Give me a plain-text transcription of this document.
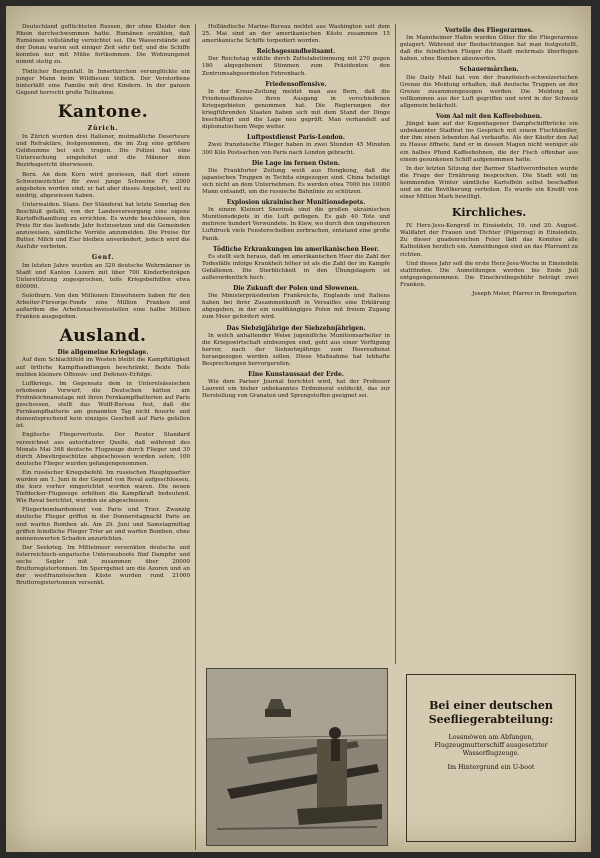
Deutschland geflüchteten Russen, der ohne Kleider den Rhein durchschwommen hatte. Rumänen erzählen, daß Rumänien vollständig vernichtet sei. Die Wasserstände auf der Donau waren seit einiger Zeit sehr tief, und die Schiffe konnten nur mit Mühe fortkommen. Die Wohnungsnot nimmt stetig zu.

Tödlicher Bergunfall. In Innertkirchen verunglückte ein junger Mann beim Wildheuen tödlich. Der Verstorbene hinterläßt eine Familie mit drei Kindern. In der ganzen Gegend herrscht große Teilnahme.

Kantone.
Zürich.

In Zürich wurden drei Italiener, mutmaßliche Deserteure und Refraktäre, festgenommen, die im Zug eine größere Geldsumme bei sich trugen. Die Polizei hat eine Untersuchung eingeleitet und die Männer dem Bezirksgericht überwiesen.

Bern. An dem Korn wird gewiesen, daß dort einem Schweinezüchter für zwei junge Schweine Fr. 2000 angeboten worden sind; er hat aber dieses Angebot, weil zu niedrig, abgewiesen haben.

Unterwalden. Stans. Der Ständerat hat letzte Sonntag den Beschluß gefaßt, von der Landesversorgung eine eigene Kartoffelhandlung zu errichten. Es wurde beschlossen, den Preis für das laufende Jahr festzusetzen und die Gemeinden anzuweisen, sämtliche Vorräte anzumelden. Die Preise für Butter, Milch und Eier bleiben unverändert, jedoch wird die Ausfuhr verboten.

Genf.

Im letzten Jahre wurden an 320 deutsche Wehrmänner in Stadt und Kanton Luzern mit über 700 Kinderbeiträgen Unterstützung zugesprochen, teils Kriegsbeihilfen etwa 600000.

Solothurn. Von den Millionen Einwohnern haben für den Arbeiter-Fürsorge-Fonds eine Million Franken und außerdem die Arbeitsnachweisstellen eine halbe Million Franken ausgegeben.

Ausland.
Die allgemeine Kriegslage.

Auf dem Schlachtfeld im Westen bleibt die Kampftätigkeit auf örtliche Kampfhandlungen beschränkt. Beide Teile melden kleinere Offensiv- und Defensiv-Erfolge.

Luftkriegs. Im Gegensatz dem in Unterelsässischen erhobenen Vorwurf, die Deutschen hätten am Frohnleichnamstage mit ihren Fernkampfbatterien auf Paris geschossen, stellt das Wolff-Bureau fest, daß die Fernkampfbatterie am genannten Tag nicht feuerte und dementsprechend kein einziges Geschoß auf Paris gefallen ist.

Englische Fliegerverluste. Der Reuter Standard verzeichnet aus autoritativer Quelle, daß während des Monats Mai 368 deutsche Flugzeuge durch Flieger und 30 durch Abwehrgeschütze abgeschossen worden seien; 100 deutsche Flieger wurden gefangengenommen.

Ein russischer Kriegsbefehl. Im russischen Hauptquartier wurden am 1. Juni in der Gegend von Reval aufgeschlossen, die kurz vorher eingerichtet worden waren. Die neuen Tiefdecker-Flugzeuge erhöhen die Kampfkraft bedeutend. Wie Reval berichtet, wurden sie abgeschossen.

Fliegerbombardement von Paris und Trier. Zwanzig deutsche Flieger griffen in der Donnerstagnacht Paris an und warfen Bomben ab. Am 29. Juni und Samstagmittag griffen feindliche Flieger Trier an und warfen Bomben, ohne nennenswerten Schaden anzurichten.

Der Seekrieg. Im Mittelmeer versenkten deutsche und österreichisch-ungarische Unterseeboote fünf Dampfer und sechs Segler mit zusammen über 20000 Bruttoregistertonnen. Im Sperrgebiet um die Azoren und an der westfranzösischen Küste wurden rund 21000 Bruttoregistertonnen versenkt.

Holländische Marine-Bureau meldet aus Washington seit dem 25. Mai sind an der amerikanischen Küste zusammen 15 amerikanische Schiffe torpediert worden.

Reichsgesundheitsamt.

Der Reichstag wählte durch Zettelabstimmung mit 270 gegen 180 abgegebenen Stimmen zum Präsidenten den Zentrumsabgeordneten Fehrenbach.

Friedensoffensive.

In der Kreuz-Zeitung meldet man aus Bern, daß die Friedensoffensive ihren Ausgang in verschiedenen Kriegsgebieten genommen hat. Die Regierungen der kriegführenden Staaten haben sich mit dem Stand der Dinge beschäftigt und die Lage neu geprüft. Man verhandelt auf diplomatischem Wege weiter.

Luftpostdienst Paris-London.

Zwei französische Flieger haben in zwei Stunden 45 Minuten 300 Kilo Postsachen von Paris nach London gebracht.

Die Lage im fernen Osten.

Die Frankfurter Zeitung weiß aus Hongkong, daß die japanischen Truppen in Tschita eingezogen sind. China beteiligt sich nicht an dem Unternehmen. Es werden etwa 7000 bis 10000 Mann entsandt, um die russische Bahnlinie zu schützen.

Explosion ukrainischer Munitionsdepots.

In einem Kleinort Snerinsk sind die großen ukrainischen Munitionsdepots in die Luft geflogen. Es gab 40 Tote und mehrere hundert Verwundete. In Kiew, wo durch den ungeheuren Luftdruck viele Fensterscheiben zerbrachen, entstand eine große Panik.

Tödliche Erkrankungen im amerikanischen Heer.

Es stellt sich heraus, daß im amerikanischen Heer die Zahl der Todesfälle infolge Krankheit höher ist als die Zahl der im Kampfe Gefallenen. Die Sterblichkeit in den Übungslagern ist außerordentlich hoch.

Die Zukunft der Polen und Slowenen.

Die Ministerpräsidenten Frankreichs, Englands und Italiens haben bei ihrer Zusammenkunft in Versailles eine Erklärung abgegeben, in der ein unabhängiges Polen mit freiem Zugang zum Meer gefordert wird.

Das Siebzigjährige der Siebzehnjährigen.

In welch anhaltender Weise jugendliche Munitionsarbeiter in die Kriegswirtschaft einbezogen sind, geht aus einer Verfügung hervor, nach der Siebzehnjährige zum Heeresdienst herangezogen werden sollen. Diese Maßnahme hat lebhafte Besprechungen hervorgerufen.

Eine Kunstaussaat der Erde.

Wie dem Pariser Journal berichtet wird, hat der Professor Laurent ein bisher unbekanntes Erdmineral entdeckt, das zur Herstellung von Granaten und Sprengstoffen geeignet sei.

Vorteile des Fliegerarmes.

Im Mannheimer Hafen wurden Güter für die Fliegerarmee gelagert. Während der Beobachtungen hat man festgestellt, daß die feindlichen Flieger die Stadt mehrmals überflogen haben, ohne Bomben abzuwerfen.

Schauermärchen.

Die Daily Mail hat von der französisch-schweizerischen Grenze die Meldung erhalten, daß deutsche Truppen an der Grenze zusammengezogen werden. Die Meldung ist vollkommen aus der Luft gegriffen und wird in der Schweiz allgemein belächelt.

Vom Aal mit den Kaffeebohnen.

Jüngst kam auf der Kopenhagener Dampfschiffbrücke ein unbekannter Stadtrat ins Gespräch mit einem Fischhändler, der ihm einen lebenden Aal verkaufte. Als der Käufer den Aal zu Hause öffnete, fand er in dessen Magen nicht weniger als ein halbes Pfund Kaffeebohnen, die der Fisch offenbar aus einem gesunkenen Schiff aufgenommen hatte.

In der letzten Sitzung der Barmer Stadtverordneten wurde die Frage der Ernährung besprochen. Die Stadt will im kommenden Winter sämtliche Kartoffeln selbst beschaffen und an die Bevölkerung verteilen. Es wurde ein Kredit von einer Million Mark bewilligt.

Kirchliches.

IV. Herz-Jesu-Kongreß in Einsiedeln, 19. und 20. August. Wallfahrt der Frauen und Töchter (Pilgerzug) in Einsiedeln. Zu dieser gnadenreichen Feier lädt das Komitee alle Katholiken herzlich ein. Anmeldungen sind an das Pfarramt zu richten.

Und dieses Jahr soll die erste Herz-Jesu-Woche in Einsiedeln stattfinden. Die Anmeldungen werden bis Ende Juli entgegengenommen. Die Einschreibegebühr beträgt zwei Franken.

Joseph Meier, Pfarrer in Bremgarten.

Bei einer deutschen Seefliegerabteilung:
Lossmöwen am Abfangen, Flugzeugmutterschiff ausgesetzter Wasserflugzeuge.
Im Hintergrund ein U-boot
